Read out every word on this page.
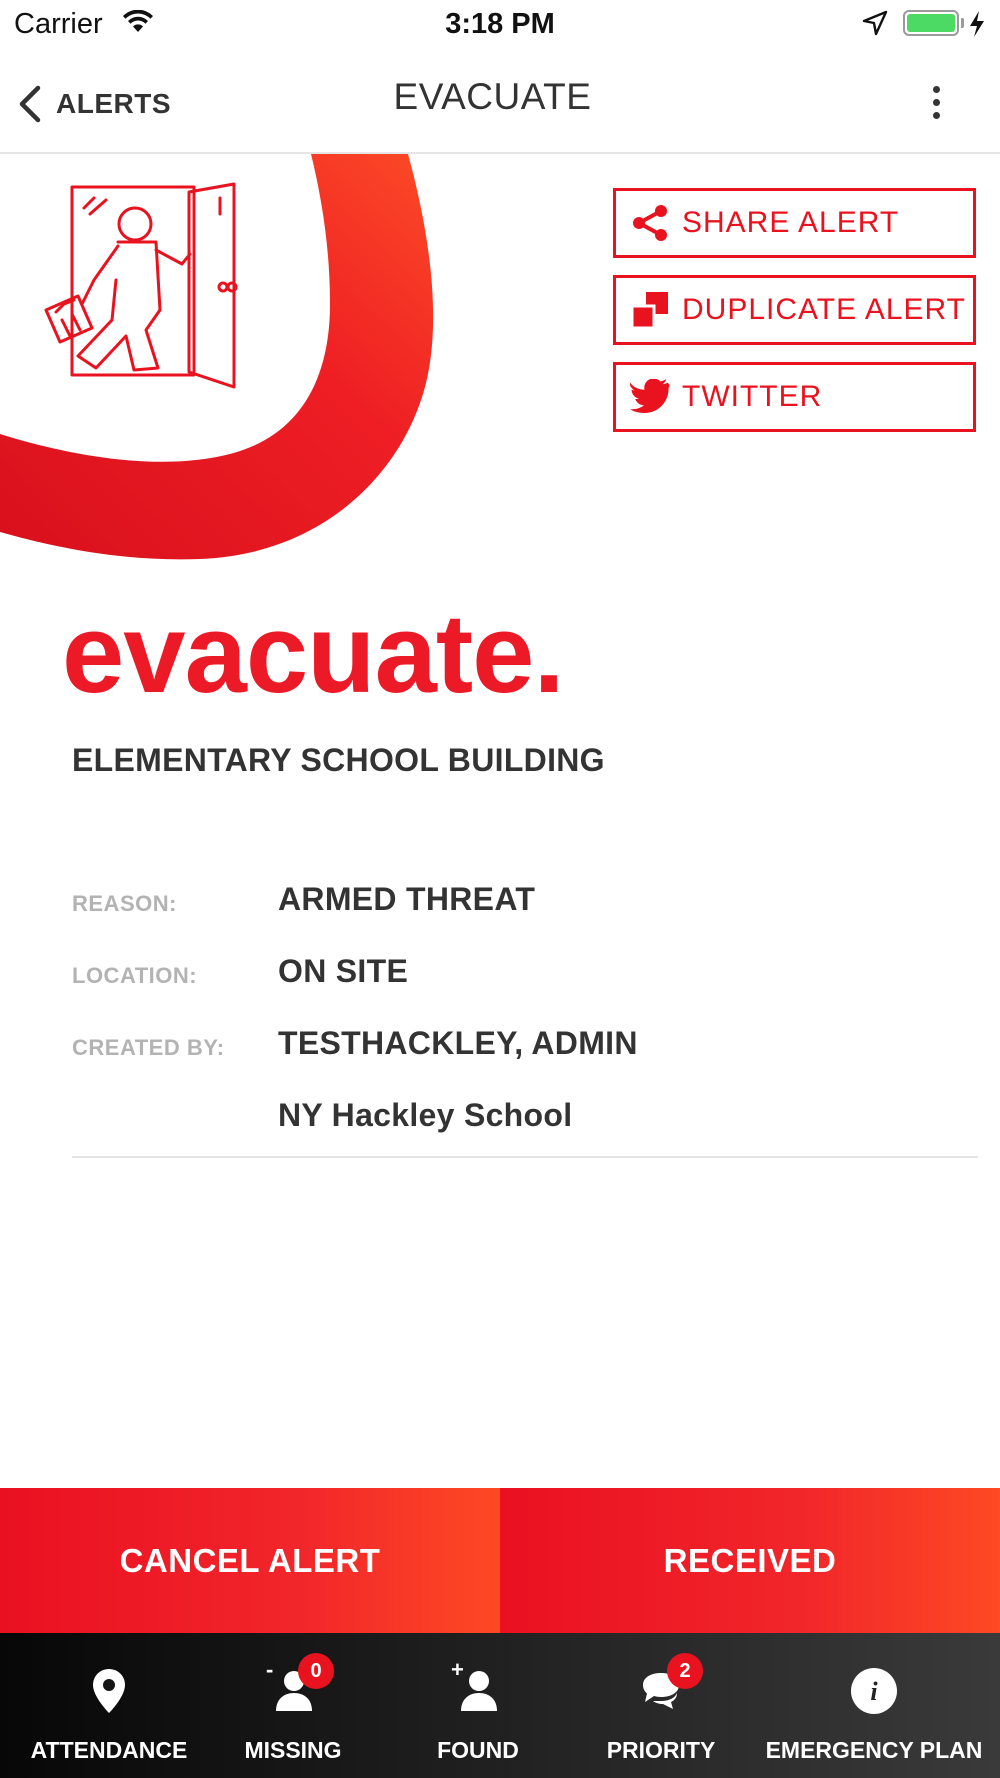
Carrier	3:18 PM
ALERTS	EVACUATE
SHARE ALERT
DUPLICATE ALERT
TWITTER
evacuate.
ELEMENTARY SCHOOL BUILDING
REASON:	ARMED THREAT
LOCATION:	ON SITE
CREATED BY: TESTHACKLEY, ADMIN
NY Hackley School
CANCEL ALERT	RECEIVED
ATTENDANCE
-	0
MISSING
+
FOUND
2
PRIORITY
i
EMERGENCY PLAN
